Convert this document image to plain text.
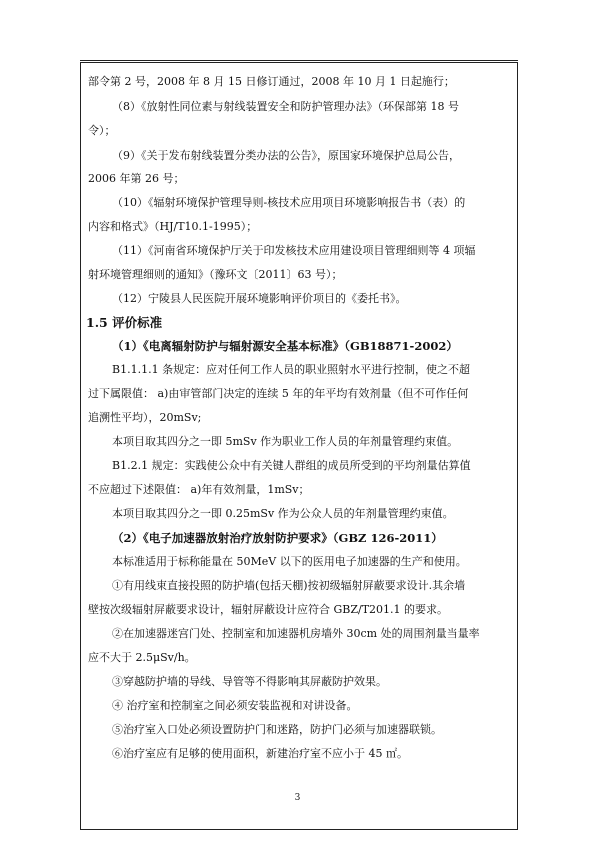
部令第 2 号，2008 年 8 月 15 日修订通过，2008 年 10 月 1 日起施行；
（8）《放射性同位素与射线装置安全和防护管理办法》（环保部第 18 号
令）；
（9）《关于发布射线装置分类办法的公告》，原国家环境保护总局公告，
2006 年第 26 号；
（10）《辐射环境保护管理导则-核技术应用项目环境影响报告书（表）的
内容和格式》（HJ/T10.1-1995）；
（11）《河南省环境保护厅关于印发核技术应用建设项目管理细则等 4 项辐
射环境管理细则的通知》（豫环文〔2011〕63 号）；
（12）宁陵县人民医院开展环境影响评价项目的《委托书》。
1.5 评价标准
（1）《电离辐射防护与辐射源安全基本标准》（GB18871-2002）
B1.1.1.1 条规定：应对任何工作人员的职业照射水平进行控制，使之不超
过下属限值： a)由审管部门决定的连续 5 年的年平均有效剂量（但不可作任何
追溯性平均），20mSv;
本项目取其四分之一即 5mSv 作为职业工作人员的年剂量管理约束值。
B1.2.1 规定：实践使公众中有关键人群组的成员所受到的平均剂量估算值
不应超过下述限值： a)年有效剂量，1mSv；
本项目取其四分之一即 0.25mSv 作为公众人员的年剂量管理约束值。
（2）《电子加速器放射治疗放射防护要求》（GBZ 126-2011）
本标准适用于标称能量在 50MeV 以下的医用电子加速器的生产和使用。
①有用线束直接投照的防护墙(包括天棚)按初级辐射屏蔽要求设计.其余墙
壁按次级辐射屏蔽要求设计，辐射屏蔽设计应符合 GBZ/T201.1 的要求。
②在加速器迷宫门处、控制室和加速器机房墙外 30cm 处的周围剂量当量率
应不大于 2.5μSv/h。
③穿越防护墙的导线、导管等不得影响其屏蔽防护效果。
④ 治疗室和控制室之间必须安装监视和对讲设备。
⑤治疗室入口处必须设置防护门和迷路，防护门必须与加速器联锁。
⑥治疗室应有足够的使用面积，新建治疗室不应小于 45 ㎡。
3
